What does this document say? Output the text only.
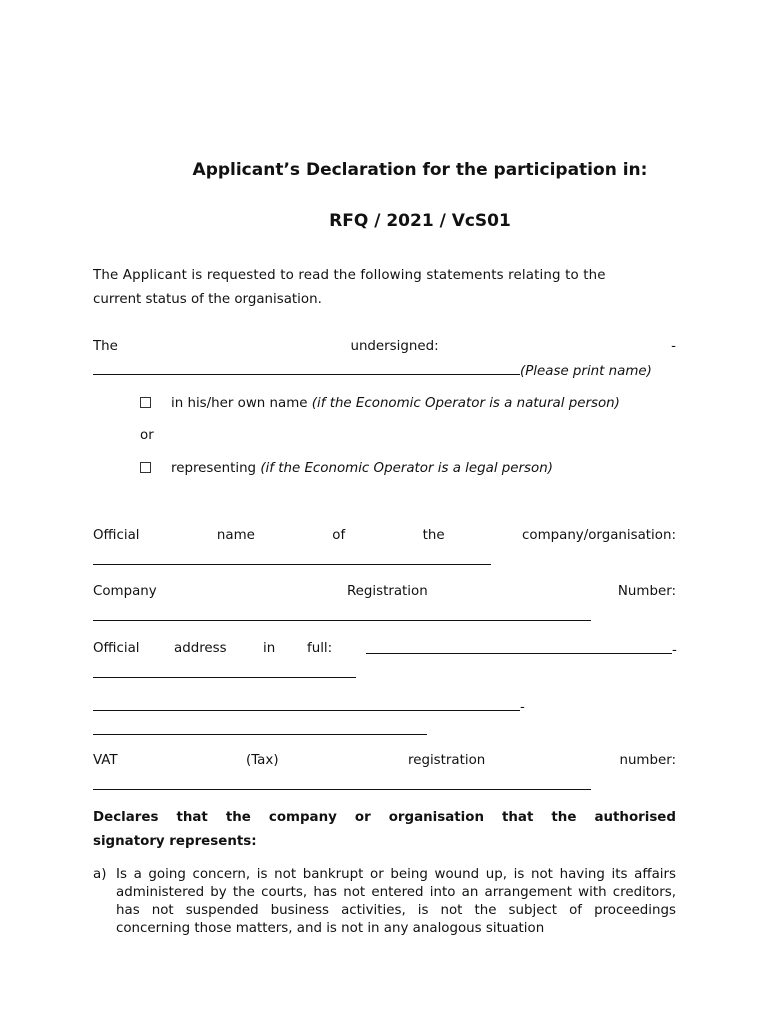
Applicant’s Declaration for the participation in:
RFQ / 2021 / VcS01
The Applicant is requested to read the following statements relating to the
current status of the organisation.
The	undersigned:	-
(Please print name)
in his/her own name (if the Economic Operator is a natural person)
or
representing (if the Economic Operator is a legal person)
Official	name	of	the	company/organisation:
Company	Registration	Number:
Official	address	in full:	-
-
VAT	(Tax)	registration	number:
Declares that the company or organisation that the authorised
signatory represents:
a) Is a going concern, is not bankrupt or being wound up, is not having its affairs administered by the courts, has not entered into an arrangement with creditors, has not suspended business activities, is not the subject of proceedings concerning those matters, and is not in any analogous situation
